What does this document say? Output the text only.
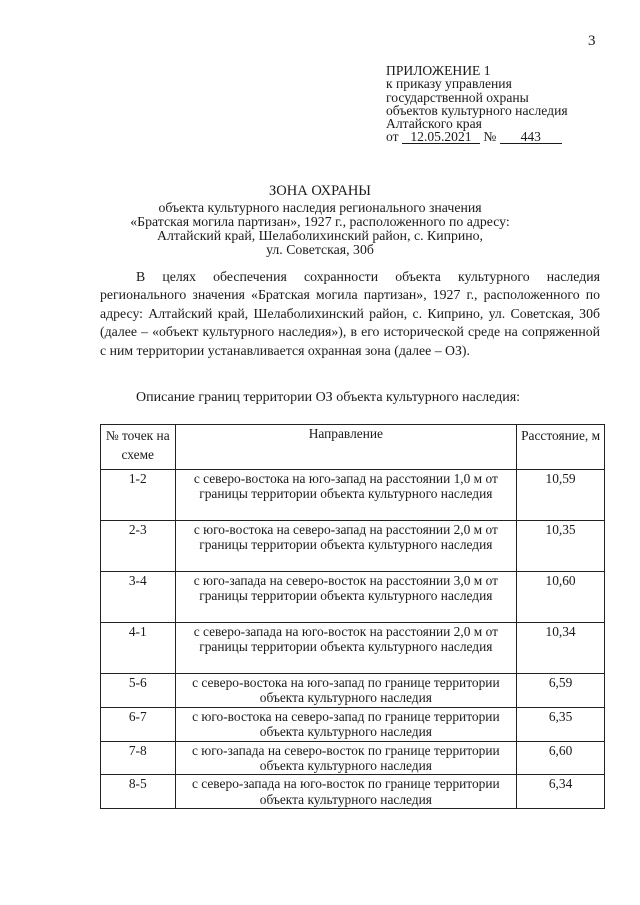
3
ПРИЛОЖЕНИЕ 1
к приказу управления
государственной охраны
объектов культурного наследия
Алтайского края
от 12.05.2021 № 443
ЗОНА ОХРАНЫ
объекта культурного наследия регионального значения
«Братская могила партизан», 1927 г., расположенного по адресу:
Алтайский край, Шелаболихинский район, с. Киприно,
ул. Советская, 30б

В целях обеспечения сохранности объекта культурного наследия регионального значения «Братская могила партизан», 1927 г., расположенного по адресу: Алтайский край, Шелаболихинский район, с. Киприно, ул. Советская, 30б (далее – «объект культурного наследия»), в его исторической среде на сопряженной с ним территории устанавливается охранная зона (далее – ОЗ).

Описание границ территории ОЗ объекта культурного наследия:
№ точек на схеме	Направление	Расстояние, м
1-2	с северо-востока на юго-запад на расстоянии 1,0 м от границы территории объекта культурного наследия	10,59
2-3	с юго-востока на северо-запад на расстоянии 2,0 м от границы территории объекта культурного наследия	10,35
3-4	с юго-запада на северо-восток на расстоянии 3,0 м от границы территории объекта культурного наследия	10,60
4-1	с северо-запада на юго-восток на расстоянии 2,0 м от границы территории объекта культурного наследия	10,34
5-6	с северо-востока на юго-запад по границе территории объекта культурного наследия	6,59
6-7	с юго-востока на северо-запад по границе территории объекта культурного наследия	6,35
7-8	с юго-запада на северо-восток по границе территории объекта культурного наследия	6,60
8-5	с северо-запада на юго-восток по границе территории объекта культурного наследия	6,34
